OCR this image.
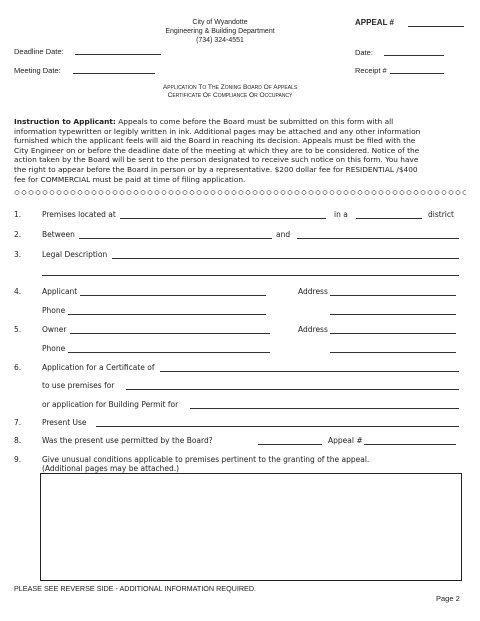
City of Wyandotte
Engineering & Building Department
(734) 324-4551
APPEAL #
Deadline Date:	Date:
Meeting Date:	Receipt #
Application To The Zoning Board Of Appeals
Certificate Of Compliance Or Occupancy
Instruction to Applicant: Appeals to come before the Board must be submitted on this form with all
information typewritten or legibly written in ink. Additional pages may be attached and any other information
furnished which the applicant feels will aid the Board in reaching its decision. Appeals must be filed with the
City Engineer on or before the deadline date of the meeting at which they are to be considered. Notice of the
action taken by the Board will be sent to the person designated to receive such notice on this form. You have
the right to appear before the Board in person or by a representative. $200 dollar fee for RESIDENTIAL /$400
fee for COMMERCIAL must be paid at time of filing application.
1.	Premises located at	in a	district
2.	Between	and
3.	Legal Description
4.	Applicant	Address
Phone
5.	Owner	Address
Phone
6.	Application for a Certificate of
to use premises for
or application for Building Permit for
7.	Present Use
8.	Was the present use permitted by the Board?	Appeal #
9.	Give unusual conditions applicable to premises pertinent to the granting of the appeal.
(Additional pages may be attached.)
PLEASE SEE REVERSE SIDE - ADDITIONAL INFORMATION REQUIRED.
Page 2
